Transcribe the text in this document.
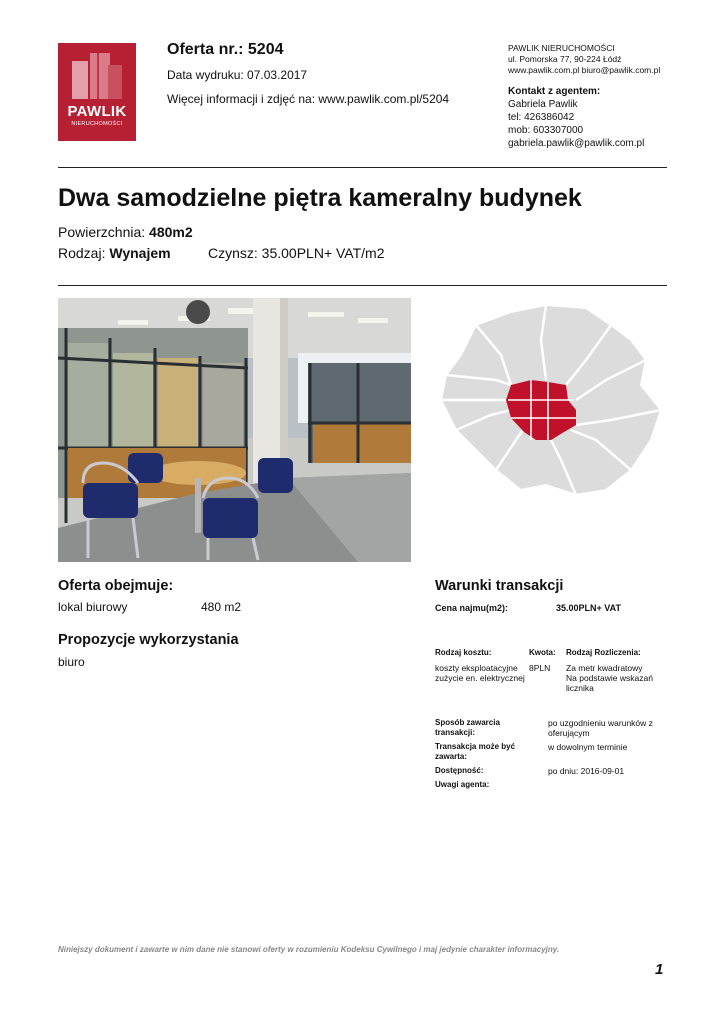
PAWLIK
NIERUCHOMOŚCI
Oferta nr.: 5204
Data wydruku: 07.03.2017
Więcej informacji i zdjęć na: www.pawlik.com.pl/5204
PAWLIK NIERUCHOMOŚCI
ul. Pomorska 77, 90-224 Łódź
www.pawlik.com.pl biuro@pawlik.com.pl
Kontakt z agentem:
Gabriela Pawlik
tel: 426386042
mob: 603307000
gabriela.pawlik@pawlik.com.pl
Dwa samodzielne piętra kameralny budynek
Powierzchnia: 480m2
Rodzaj: Wynajem	Czynsz: 35.00PLN+ VAT/m2
Oferta obejmuje:
lokal biurowy	480 m2
Propozycje wykorzystania
biuro
Warunki transakcji
Cena najmu(m2):	35.00PLN+ VAT
Rodzaj kosztu:	Kwota: Rodzaj Rozliczenia:
koszty eksploatacyjne
zużycie en. elektrycznej
8PLN Za metr kwadratowy
Na podstawie wskazań licznika
Sposób zawarcia transakcji:
po uzgodnieniu warunków z oferującym
Transakcja może być zawarta:
w dowolnym terminie
Dostępność:	po dniu: 2016-09-01
Uwagi agenta:
Niniejszy dokument i zawarte w nim dane nie stanowi oferty w rozumieniu Kodeksu Cywilnego i maj jedynie charakter informacyjny.
1
